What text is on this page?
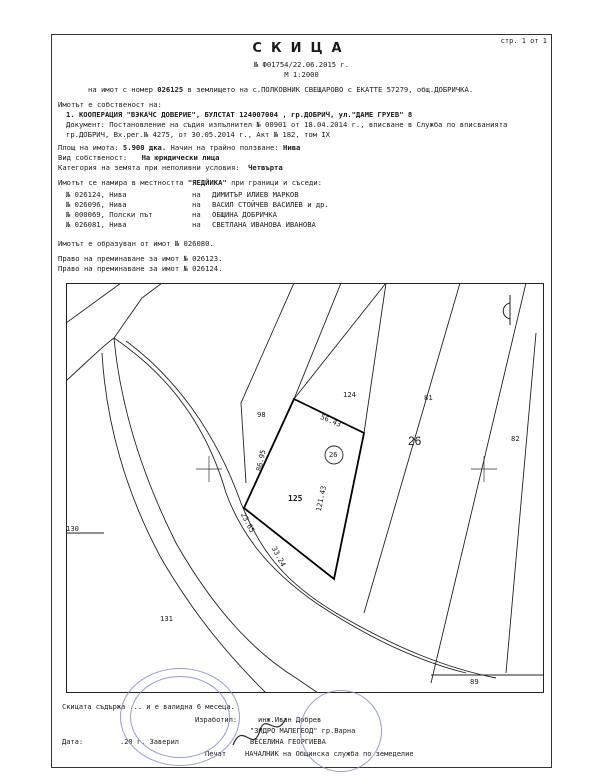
стр. 1 от 1
СКИЦА
№ Ф01754/22.06.2015 г.
М 1:2000
на имот с номер 026125 в землището на с.ПОЛКОВНИК СВЕЩАРОВО с ЕКАТТЕ 57279, общ.ДОБРИЧКА.
Имотът е собственост на:
1. КООПЕРАЦИЯ "ВЭКАЧС ДОВЕРИЕ", БУЛСТАТ 124007004 , гр.ДОБРИЧ, ул."ДАМЕ ГРУЕВ" 8
Документ: Постановление на съдия изпълнител № 00901 от 18.04.2014 г., вписване в Служба по вписванията
гр.ДОБРИЧ, Вх.рег.№ 4275, от 30.05.2014 г., Акт № 182, том IX
Площ на имота: 5.900 дка. Начин на трайно ползване: Нива
Вид собственост: На юридически лица
Категория на земята при неполивни условия: Четвърта
Имотът се намира в местността "ЯЕДЙИКА" при граници и съседи:
№ 026124, Нива	на ДИМИТЪР ИЛИЕВ МАРКОВ
№ 026096, Нива	на ВАСИЛ СТОЙЧЕВ ВАСИЛЕВ и др.
№ 000069, Полски път	на ОБЩИНА ДОБРИЧКА
№ 026081, Нива	на СВЕТЛАНА ИВАНОВА ИВАНОВА
Имотът е образуван от имот № 026080.
Право на преминаване за имот № 026123.
Право на преминаване за имот № 026124.
125
26
26
124
98
81
82
130
131
89
56.43
86.95
121.43
23.65
33.24
Скицата съдържа ... и е валидна 6 месеца.
Изработил:	инж.Иван Добрев
"ЗИДРО МАПЕГЕОД" гр.Варна
Дата:	.20 г. Заверил	ВЕСЕЛИНА ГЕОРГИЕВА
Печат	НАЧАЛНИК на Общинска служба по земеделие
